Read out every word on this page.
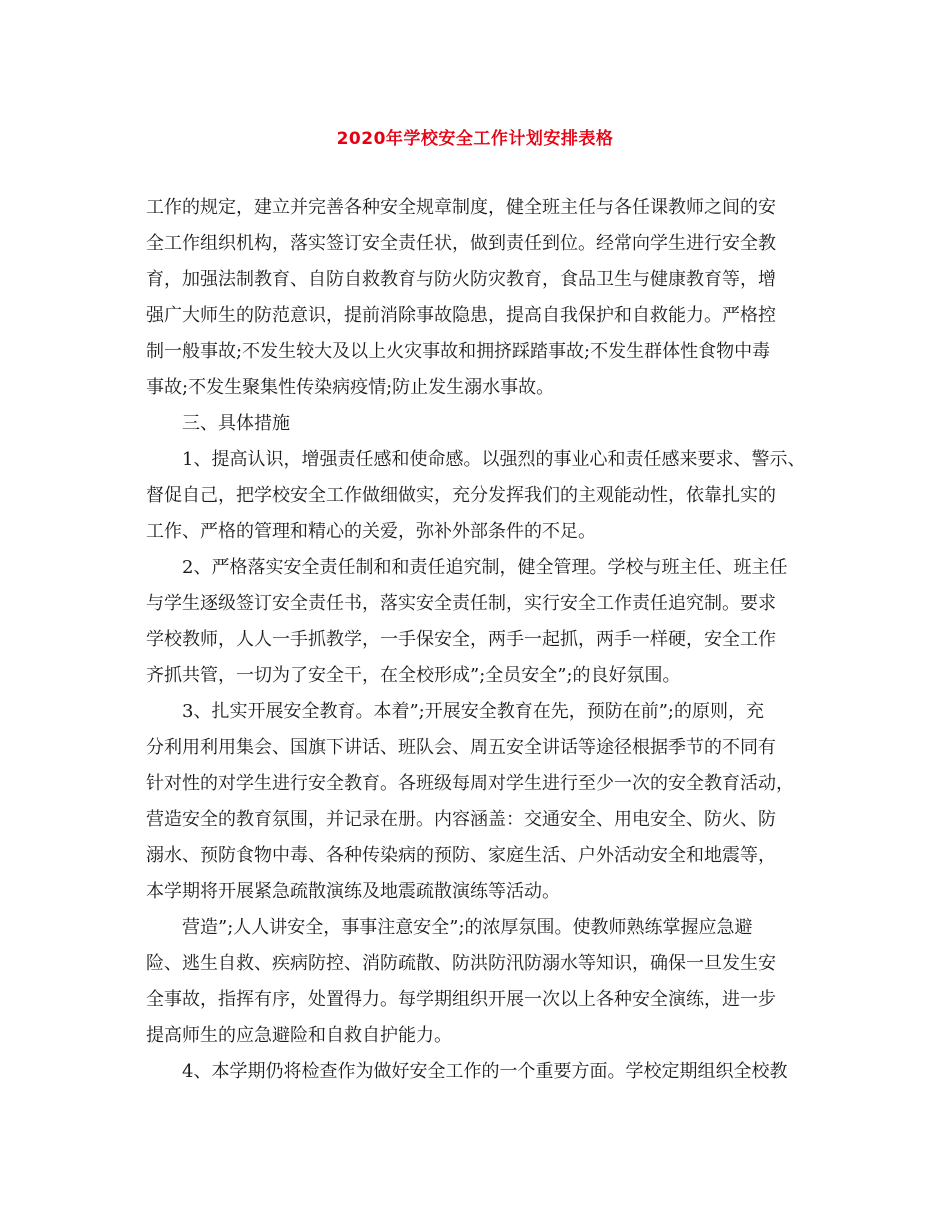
2020年学校安全工作计划安排表格
工作的规定，建立并完善各种安全规章制度，健全班主任与各任课教师之间的安
全工作组织机构，落实签订安全责任状，做到责任到位。经常向学生进行安全教
育，加强法制教育、自防自救教育与防火防灾教育，食品卫生与健康教育等，增
强广大师生的防范意识，提前消除事故隐患，提高自我保护和自救能力。严格控
制一般事故;不发生较大及以上火灾事故和拥挤踩踏事故;不发生群体性食物中毒
事故;不发生聚集性传染病疫情;防止发生溺水事故。
三、具体措施
1、提高认识，增强责任感和使命感。以强烈的事业心和责任感来要求、警示、
督促自己，把学校安全工作做细做实，充分发挥我们的主观能动性，依靠扎实的
工作、严格的管理和精心的关爱，弥补外部条件的不足。
2、严格落实安全责任制和和责任追究制，健全管理。学校与班主任、班主任
与学生逐级签订安全责任书，落实安全责任制，实行安全工作责任追究制。要求
学校教师，人人一手抓教学，一手保安全，两手一起抓，两手一样硬，安全工作
齐抓共管，一切为了安全干，在全校形成”;全员安全”;的良好氛围。
3、扎实开展安全教育。本着”;开展安全教育在先，预防在前”;的原则，充
分利用利用集会、国旗下讲话、班队会、周五安全讲话等途径根据季节的不同有
针对性的对学生进行安全教育。各班级每周对学生进行至少一次的安全教育活动，
营造安全的教育氛围，并记录在册。内容涵盖：交通安全、用电安全、防火、防
溺水、预防食物中毒、各种传染病的预防、家庭生活、户外活动安全和地震等，
本学期将开展紧急疏散演练及地震疏散演练等活动。
营造”;人人讲安全，事事注意安全”;的浓厚氛围。使教师熟练掌握应急避
险、逃生自救、疾病防控、消防疏散、防洪防汛防溺水等知识，确保一旦发生安
全事故，指挥有序，处置得力。每学期组织开展一次以上各种安全演练，进一步
提高师生的应急避险和自救自护能力。
4、本学期仍将检查作为做好安全工作的一个重要方面。学校定期组织全校教
